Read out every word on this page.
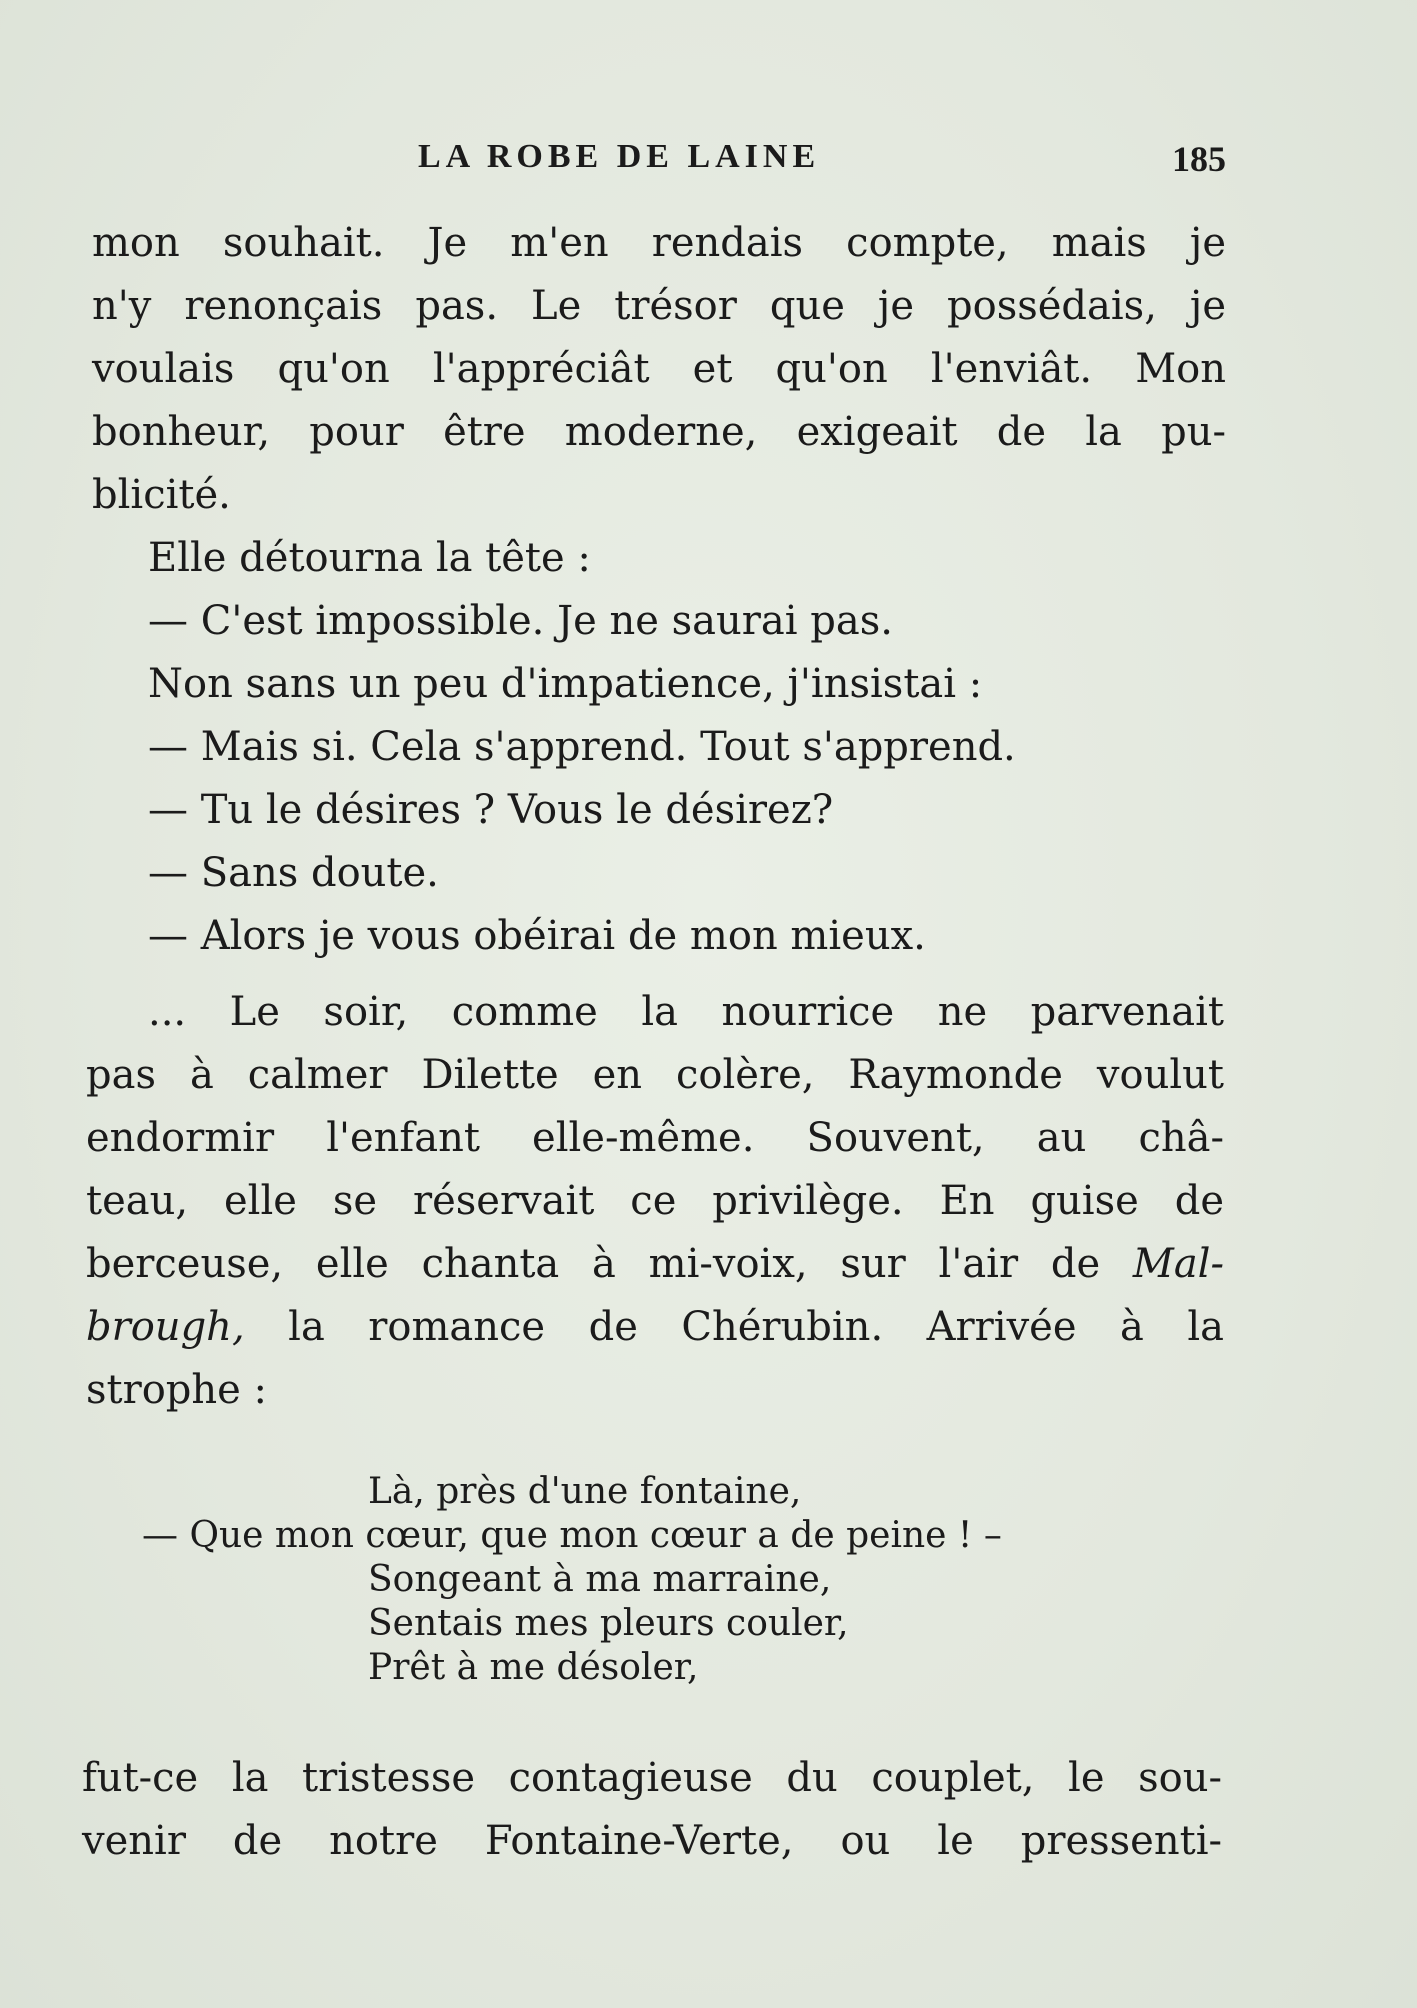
LA ROBE DE LAINE	185
mon souhait. Je m'en rendais compte, mais je
n'y renonçais pas. Le trésor que je possédais, je
voulais qu'on l'appréciât et qu'on l'enviât. Mon
bonheur, pour être moderne, exigeait de la pu-
blicité.
Elle détourna la tête :
— C'est impossible. Je ne saurai pas.
Non sans un peu d'impatience, j'insistai :
— Mais si. Cela s'apprend. Tout s'apprend.
— Tu le désires ? Vous le désirez?
— Sans doute.
— Alors je vous obéirai de mon mieux.
... Le soir, comme la nourrice ne parvenait
pas à calmer Dilette en colère, Raymonde voulut
endormir l'enfant elle-même. Souvent, au châ-
teau, elle se réservait ce privilège. En guise de
berceuse, elle chanta à mi-voix, sur l'air de Mal-
brough, la romance de Chérubin. Arrivée à la
strophe :
Là, près d'une fontaine,
— Que mon cœur, que mon cœur a de peine ! –
Songeant à ma marraine,
Sentais mes pleurs couler,
Prêt à me désoler,
fut-ce la tristesse contagieuse du couplet, le sou-
venir de notre Fontaine-Verte, ou le pressenti-
